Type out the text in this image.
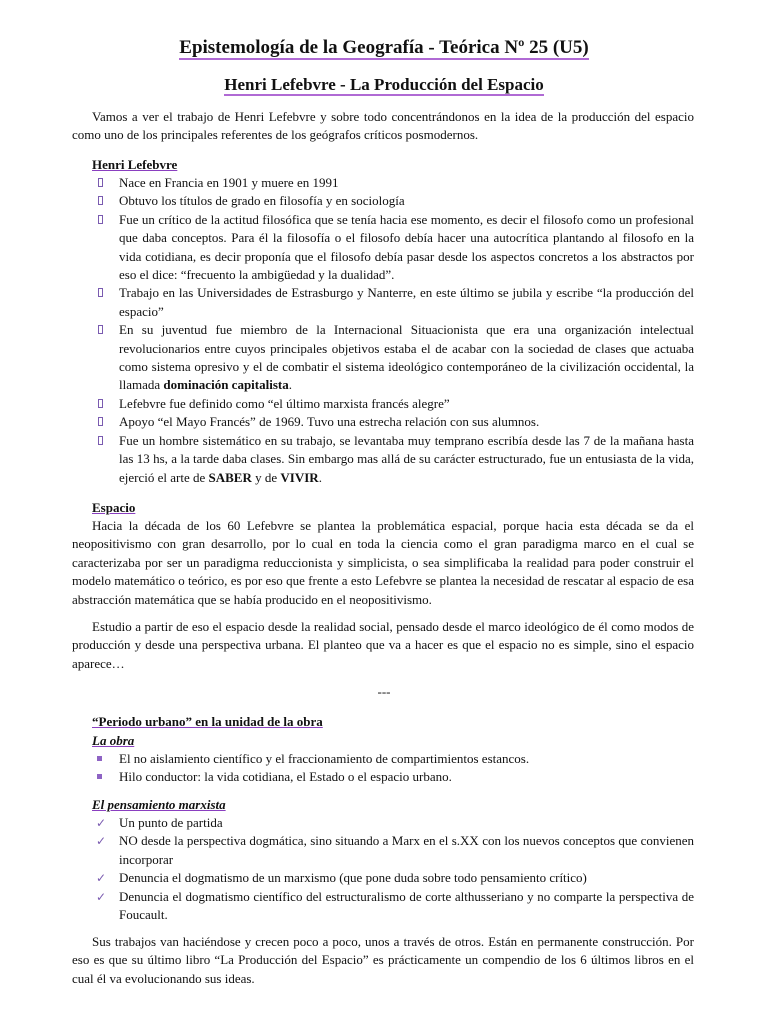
Epistemología de la Geografía - Teórica Nº 25 (U5)
Henri Lefebvre - La Producción del Espacio

Vamos a ver el trabajo de Henri Lefebvre y sobre todo concentrándonos en la idea de la producción del espacio como uno de los principales referentes de los geógrafos críticos posmodernos.

Henri Lefebvre
Nace en Francia en 1901 y muere en 1991
Obtuvo los títulos de grado en filosofía y en sociología
Fue un crítico de la actitud filosófica que se tenía hacia ese momento, es decir el filosofo como un profesional que daba conceptos. Para él la filosofía o el filosofo debía hacer una autocrítica plantando al filosofo en la vida cotidiana, es decir proponía que el filosofo debía pasar desde los aspectos concretos a los abstractos por eso el dice: “frecuento la ambigüedad y la dualidad”.
Trabajo en las Universidades de Estrasburgo y Nanterre, en este último se jubila y escribe “la producción del espacio”
En su juventud fue miembro de la Internacional Situacionista que era una organización intelectual revolucionarios entre cuyos principales objetivos estaba el de acabar con la sociedad de clases que actuaba como sistema opresivo y el de combatir el sistema ideológico contemporáneo de la civilización occidental, la llamada dominación capitalista.
Lefebvre fue definido como “el último marxista francés alegre”
Apoyo “el Mayo Francés” de 1969. Tuvo una estrecha relación con sus alumnos.
Fue un hombre sistemático en su trabajo, se levantaba muy temprano escribía desde las 7 de la mañana hasta las 13 hs, a la tarde daba clases. Sin embargo mas allá de su carácter estructurado, fue un entusiasta de la vida, ejerció el arte de SABER y de VIVIR.
Espacio

Hacia la década de los 60 Lefebvre se plantea la problemática espacial, porque hacia esta década se da el neopositivismo con gran desarrollo, por lo cual en toda la ciencia como el gran paradigma marco en el cual se caracterizaba por ser un paradigma reduccionista y simplicista, o sea simplificaba la realidad para poder construir el modelo matemático o teórico, es por eso que frente a esto Lefebvre se plantea la necesidad de rescatar al espacio de esa abstracción matemática que se había producido en el neopositivismo.

Estudio a partir de eso el espacio desde la realidad social, pensado desde el marco ideológico de él como modos de producción y desde una perspectiva urbana. El planteo que va a hacer es que el espacio no es simple, sino el espacio aparece…

---
“Periodo urbano” en la unidad de la obra
La obra
El no aislamiento científico y el fraccionamiento de compartimientos estancos.
Hilo conductor: la vida cotidiana, el Estado o el espacio urbano.
El pensamiento marxista
✓ Un punto de partida
✓ NO desde la perspectiva dogmática, sino situando a Marx en el s.XX con los nuevos conceptos que convienen incorporar
✓ Denuncia el dogmatismo de un marxismo (que pone duda sobre todo pensamiento crítico)
✓ Denuncia el dogmatismo científico del estructuralismo de corte althusseriano y no comparte la perspectiva de Foucault.

Sus trabajos van haciéndose y crecen poco a poco, unos a través de otros. Están en permanente construcción. Por eso es que su último libro “La Producción del Espacio” es prácticamente un compendio de los 6 últimos libros en el cual él va evolucionando sus ideas.
